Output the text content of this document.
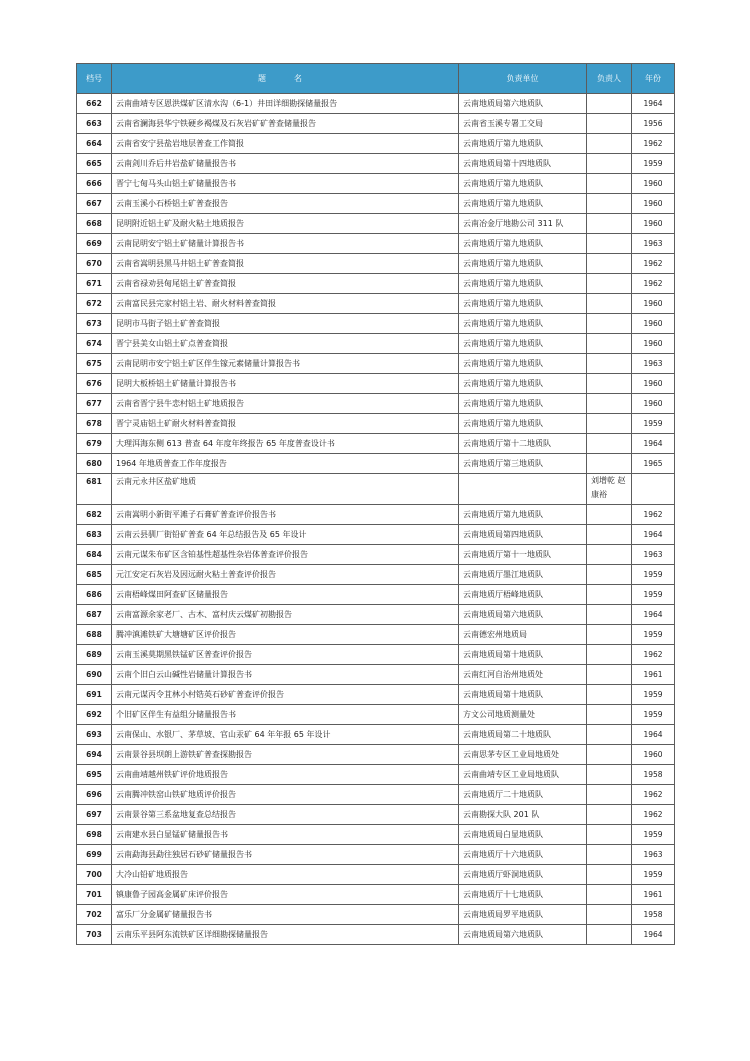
档号	题　名	负责单位	负责人	年份
662	云南曲靖专区恩洪煤矿区清水沟（6-1）井田详细勘探储量报告	云南地质局第六地质队		1964
663	云南省澜海县华宁铁硬乡褐煤及石灰岩矿矿普查储量报告	云南省玉溪专署工交局		1956
664	云南省安宁县盐岩地层普查工作简报	云南地质厅第九地质队		1962
665	云南剑川乔后井岩盐矿储量报告书	云南地质局第十四地质队		1959
666	晋宁七甸马头山铝土矿储量报告书	云南地质厅第九地质队		1960
667	云南玉溪小石桥铝土矿普查报告	云南地质厅第九地质队		1960
668	昆明附近铝土矿及耐火粘土地质报告	云南冶金厅地勘公司 311 队		1960
669	云南昆明安宁铝土矿储量计算报告书	云南地质厅第九地质队		1963
670	云南省嵩明县黑马井铝土矿普查简报	云南地质厅第九地质队		1962
671	云南省禄劝县甸尾铝土矿普查简报	云南地质厅第九地质队		1962
672	云南富民县完家村铝土岩、耐火材料普查简报	云南地质厅第九地质队		1960
673	昆明市马街子铝土矿普查简报	云南地质厅第九地质队		1960
674	晋宁县美女山铝土矿点普查简报	云南地质厅第九地质队		1960
675	云南昆明市安宁铝土矿区伴生镓元素储量计算报告书	云南地质厅第九地质队		1963
676	昆明大板桥铝土矿储量计算报告书	云南地质厅第九地质队		1960
677	云南省晋宁县牛恋村铝土矿地质报告	云南地质厅第九地质队		1960
678	晋宁灵庙铝土矿耐火材料普查简报	云南地质厅第九地质队		1959
679	大理洱海东侧 613 普查 64 年度年终报告 65 年度普查设计书	云南地质厅第十二地质队		1964
680	1964 年地质普查工作年度报告	云南地质厅第三地质队		1965
681	云南元永井区盐矿地质		刘增乾 赵康裕	
682	云南嵩明小新街平滩子石膏矿普查评价报告书	云南地质厅第九地质队		1962
683	云南云县驯厂街铅矿普查 64 年总结报告及 65 年设计	云南地质局第四地质队		1964
684	云南元谋朱布矿区含铂基性超基性杂岩体普查评价报告	云南地质厅第十一地质队		1963
685	元江安定石灰岩及因远耐火粘土普查评价报告	云南地质厅墨江地质队		1959
686	云南梧峰煤田阿查矿区储量报告	云南地质厅梧峰地质队		1959
687	云南富源余家老厂、古木、富村庆云煤矿初勘报告	云南地质局第六地质队		1964
688	腾冲滇滩铁矿大塘塘矿区评价报告	云南德宏州地质局		1959
689	云南玉溪莫期黑铁锰矿区普查评价报告	云南地质局第十地质队		1962
690	云南个旧白云山碱性岩储量计算报告书	云南红河自治州地质处		1961
691	云南元谋丙令苴林小村锆英石砂矿普查评价报告	云南地质局第十地质队		1959
692	个旧矿区伴生有益组分储量报告书	方文公司地质测量处		1959
693	云南保山、水银厂、茅草坡、官山汞矿 64 年年报 65 年设计	云南地质局第二十地质队		1964
694	云南景谷县坝朗上游铁矿普查探勘报告	云南思茅专区工业局地质处		1960
695	云南曲靖越州铁矿评价地质报告	云南曲靖专区工业局地质队		1958
696	云南腾冲铁窑山铁矿地质评价报告	云南地质厅二十地质队		1962
697	云南景谷第三系盆地复查总结报告	云南勘探大队 201 队		1962
698	云南建水县白显锰矿储量报告书	云南地质局白显地质队		1959
699	云南勐海县勐往独居石砂矿储量报告书	云南地质厅十六地质队		1963
700	大冷山铅矿地质报告	云南地质厅虾洞地质队		1959
701	镇康鲁子园高金属矿床评价报告	云南地质厅十七地质队		1961
702	富乐厂分金属矿储量报告书	云南地质局罗平地质队		1958
703	云南乐平县阿东流铁矿区详细勘探储量报告	云南地质局第六地质队		1964
